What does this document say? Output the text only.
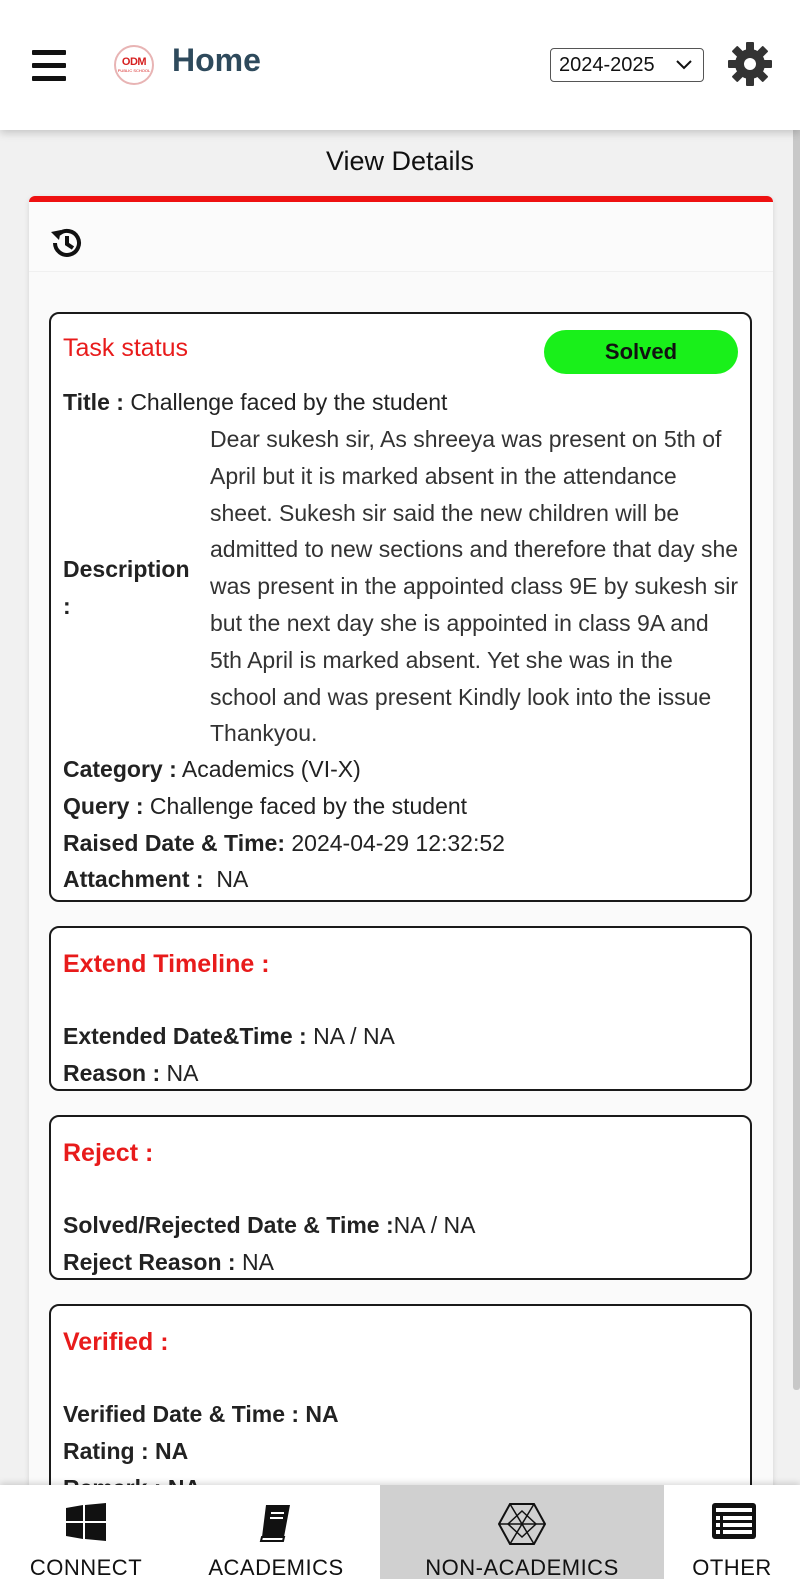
ODM
PUBLIC SCHOOL Home	2024-2025
View Details
Task status	Solved
Title : Challenge faced by the student
Description :
Dear sukesh sir, As shreeya was present on 5th of April but it is marked absent in the attendance sheet. Sukesh sir said the new children will be admitted to new sections and therefore that day she was present in the appointed class 9E by sukesh sir but the next day she is appointed in class 9A and 5th April is marked absent. Yet she was in the school and was present Kindly look into the issue Thankyou.
Category : Academics (VI-X)
Query : Challenge faced by the student
Raised Date & Time: 2024-04-29 12:32:52
Attachment : NA
Extend Timeline :
Extended Date&Time : NA / NA
Reason : NA
Reject :
Solved/Rejected Date & Time :NA / NA
Reject Reason : NA
Verified :
Verified Date & Time : NA
Rating : NA
CONNECT	ACADEMICS	NON-ACADEMICS	OTHER
